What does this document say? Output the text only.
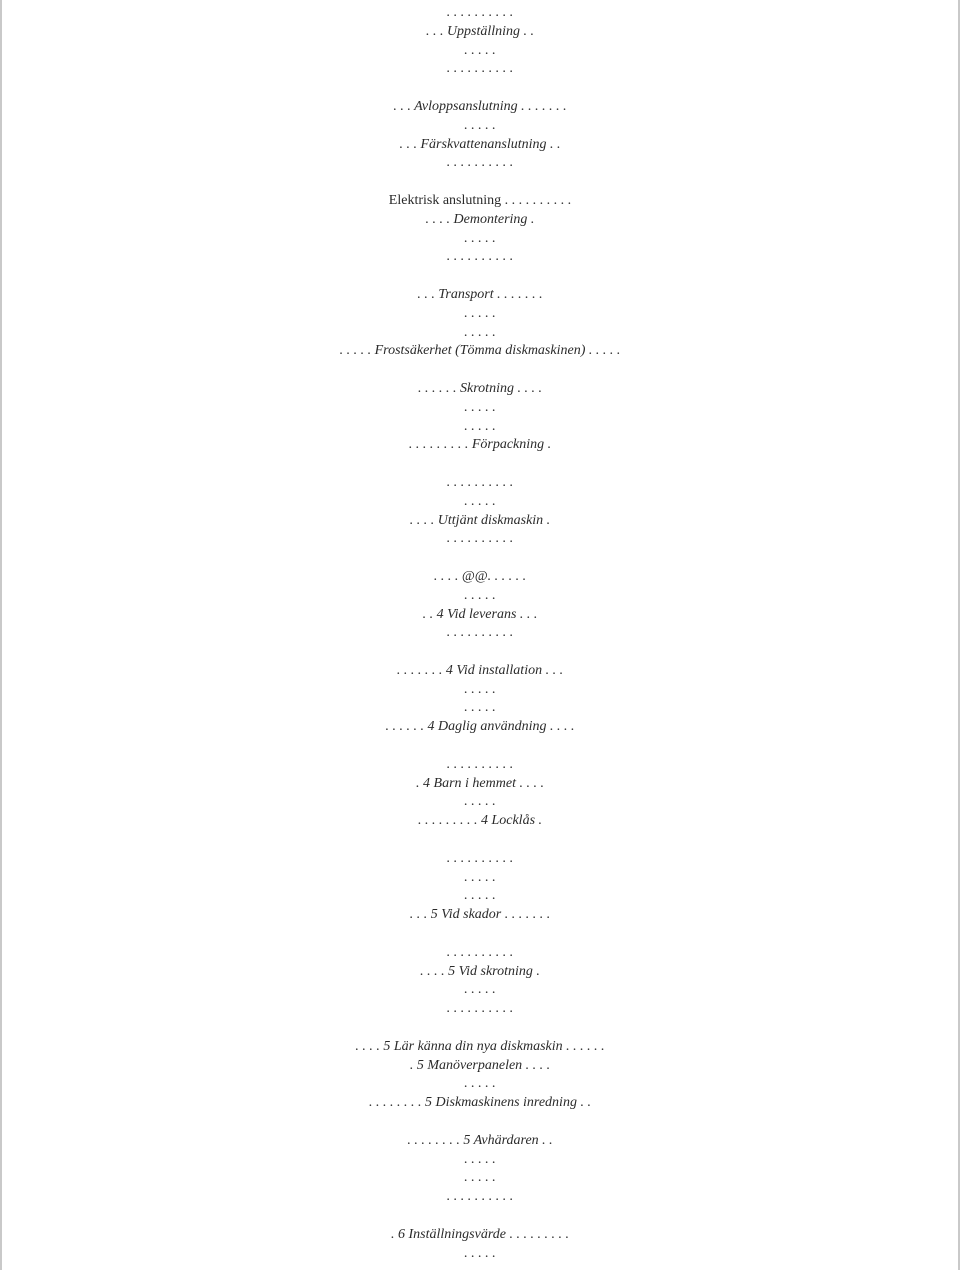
. . . . . . . . . .
. . . Uppställning . .
. . . . .
. . . . . . . . . .
. . . Avloppsanslutning . . . . . . .
. . . . .
. . . Färskvattenanslutning . .
. . . . . . . . . .
Elektrisk anslutning . . . . . . . . . .
. . . . Demontering .
. . . . .
. . . . . . . . . .
. . . Transport . . . . . . .
. . . . .
. . . . .
. . . . . Frostsäkerhet (Tömma diskmaskinen) . . . . .
. . . . . . Skrotning . . . .
. . . . .
. . . . .
. . . . . . . . . Förpackning .
. . . . . . . . . .
. . . . .
. . . . Uttjänt diskmaskin .
. . . . . . . . . .
. . . . @@. . . . . .
. . . . .
. . 4 Vid leverans . . .
. . . . . . . . . .
. . . . . . . 4 Vid installation . . .
. . . . .
. . . . .
. . . . . . 4 Daglig användning . . . .
. . . . . . . . . .
. 4 Barn i hemmet . . . .
. . . . .
. . . . . . . . . 4 Locklås .
. . . . . . . . . .
. . . . .
. . . . .
. . . 5 Vid skador . . . . . . .
. . . . . . . . . .
. . . . 5 Vid skrotning .
. . . . .
. . . . . . . . . .
. . . . 5 Lär känna din nya diskmaskin . . . . . .
. 5 Manöverpanelen . . . .
. . . . .
. . . . . . . . 5 Diskmaskinens inredning . .
. . . . . . . . 5 Avhärdaren . .
. . . . .
. . . . .
. . . . . . . . . .
. 6 Inställningsvärde . . . . . . . . .
. . . . .
